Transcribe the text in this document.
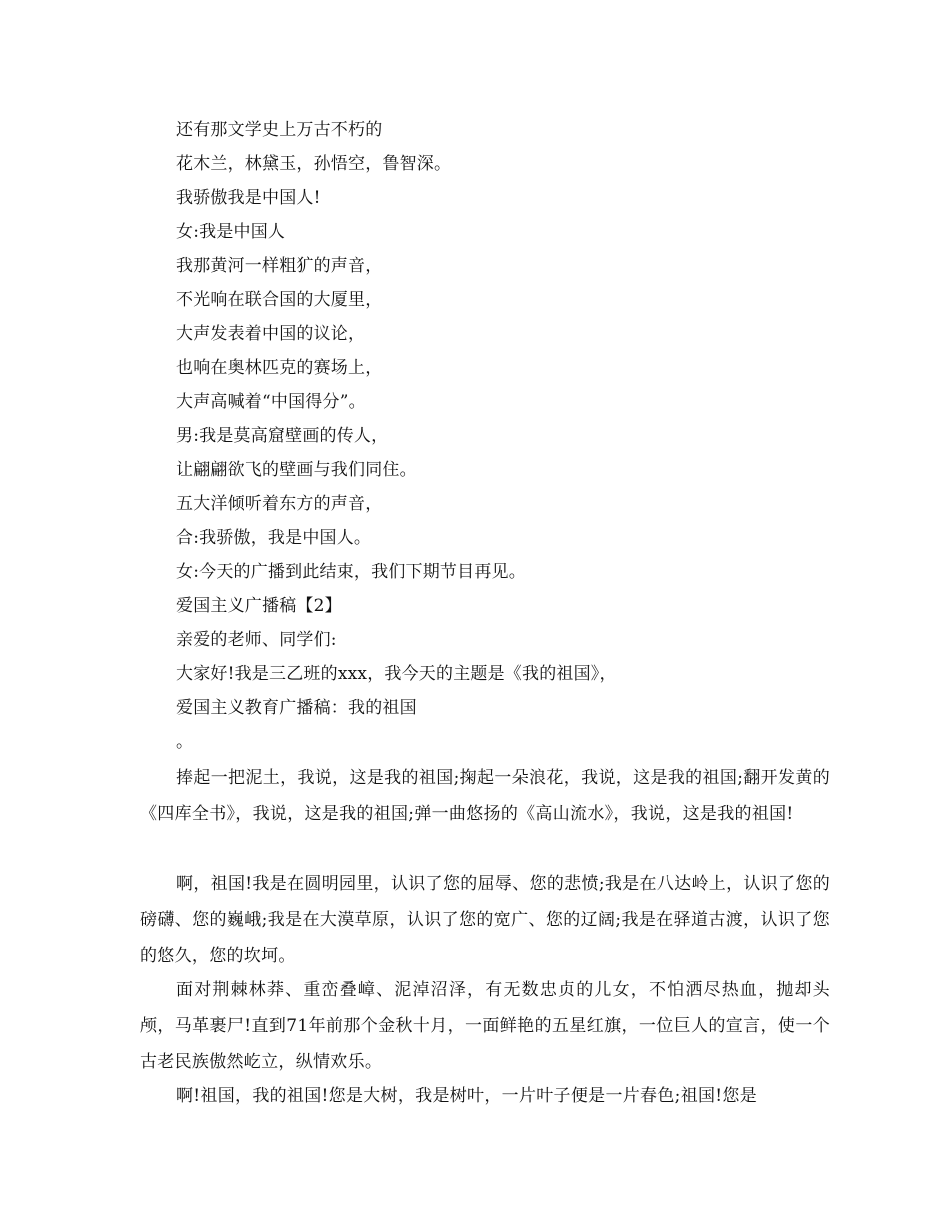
还有那文学史上万古不朽的
花木兰，林黛玉，孙悟空，鲁智深。
我骄傲我是中国人!
女:我是中国人
我那黄河一样粗犷的声音，
不光响在联合国的大厦里，
大声发表着中国的议论，
也响在奥林匹克的赛场上，
大声高喊着“中国得分”。
男:我是莫高窟壁画的传人，
让翩翩欲飞的壁画与我们同住。
五大洋倾听着东方的声音，
合:我骄傲，我是中国人。
女:今天的广播到此结束，我们下期节目再见。
爱国主义广播稿【2】
亲爱的老师、同学们:
大家好!我是三乙班的xxx，我今天的主题是《我的祖国》，
爱国主义教育广播稿：我的祖国
。
捧起一把泥土，我说，这是我的祖国;掬起一朵浪花，我说，这是我的祖国;翻开发黄的《四库全书》，我说，这是我的祖国;弹一曲悠扬的《高山流水》，我说，这是我的祖国!
啊，祖国!我是在圆明园里，认识了您的屈辱、您的悲愤;我是在八达岭上，认识了您的磅礴、您的巍峨;我是在大漠草原，认识了您的宽广、您的辽阔;我是在驿道古渡，认识了您的悠久，您的坎坷。
面对荆棘林莽、重峦叠嶂、泥淖沼泽，有无数忠贞的儿女，不怕洒尽热血，抛却头颅，马革裹尸!直到71年前那个金秋十月，一面鲜艳的五星红旗，一位巨人的宣言，使一个古老民族傲然屹立，纵情欢乐。
啊!祖国，我的祖国!您是大树，我是树叶，一片叶子便是一片春色;祖国!您是
